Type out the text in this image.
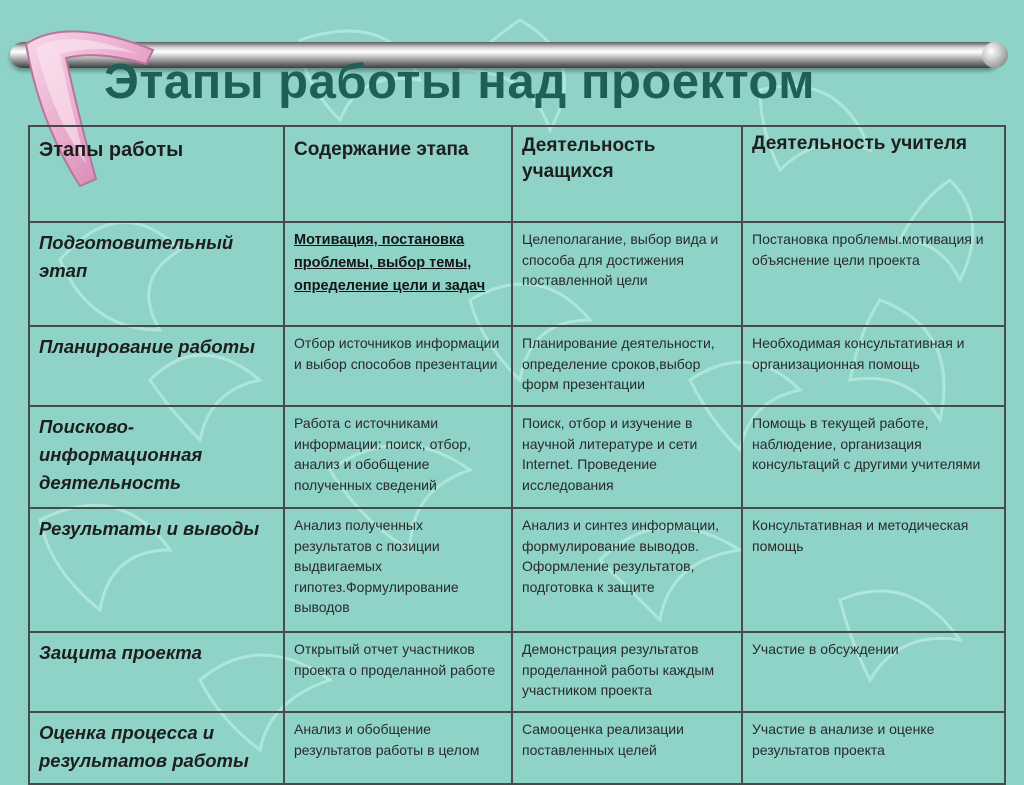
Этапы работы над проектом
Этапы работы	Содержание этапа	Деятельность учащихся	Деятельность учителя
Подготовительный этап	Мотивация, постановка проблемы, выбор темы, определение цели и задач	Целеполагание, выбор вида и способа для достижения поставленной цели	Постановка проблемы.мотивация и объяснение цели проекта
Планирование работы	Отбор источников информации и выбор способов презентации	Планирование деятельности, определение сроков,выбор форм презентации	Необходимая консультативная и организационная помощь
Поисково-информационная деятельность	Работа с источниками информации: поиск, отбор, анализ и обобщение полученных сведений	Поиск, отбор и изучение в научной литературе и сети Internet. Проведение исследования	Помощь в текущей работе, наблюдение, организация консультаций с другими учителями
Результаты и выводы	Анализ полученных результатов с позиции выдвигаемых гипотез.Формулирование выводов	Анализ и синтез информации, формулирование выводов. Оформление результатов, подготовка к защите	Консультативная и методическая помощь
Защита проекта	Открытый отчет участников проекта о проделанной работе	Демонстрация результатов проделанной работы каждым участником проекта	Участие в обсуждении
Оценка процесса и результатов работы	Анализ и обобщение результатов работы в целом	Самооценка реализации поставленных целей	Участие в анализе и оценке результатов проекта
